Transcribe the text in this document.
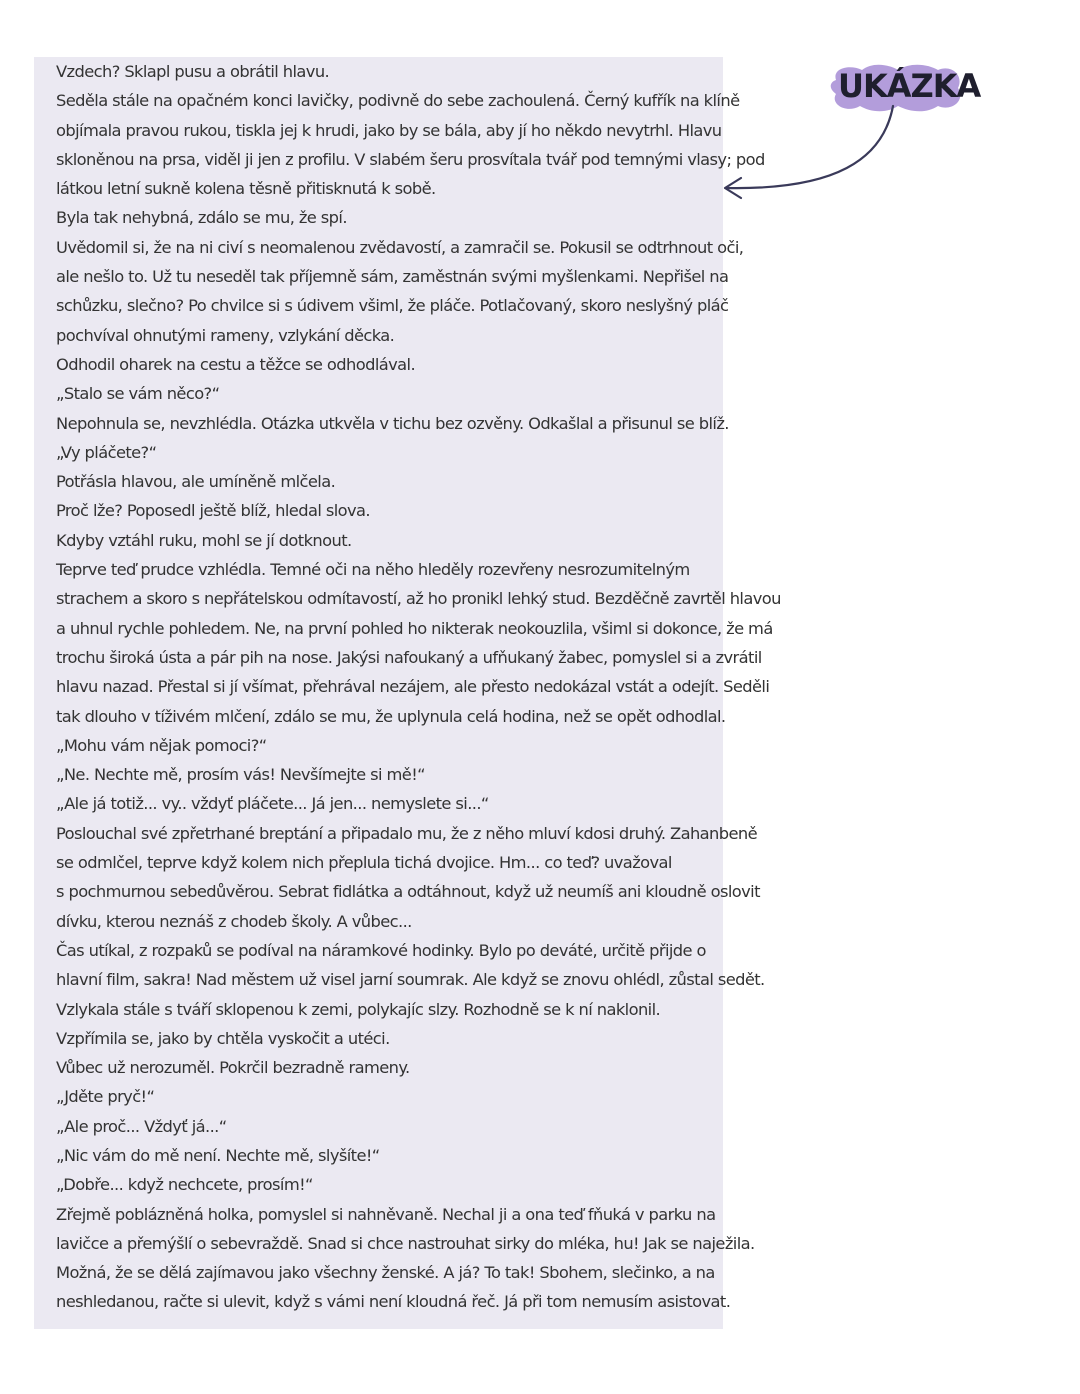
Vzdech? Sklapl pusu a obrátil hlavu.
Seděla stále na opačném konci lavičky, podivně do sebe zachoulená. Černý kufřík na klíně
objímala pravou rukou, tiskla jej k hrudi, jako by se bála, aby jí ho někdo nevytrhl. Hlavu
skloněnou na prsa, viděl ji jen z profilu. V slabém šeru prosvítala tvář pod temnými vlasy; pod
látkou letní sukně kolena těsně přitisknutá k sobě.
Byla tak nehybná, zdálo se mu, že spí.
Uvědomil si, že na ni civí s neomalenou zvědavostí, a zamračil se. Pokusil se odtrhnout oči,
ale nešlo to. Už tu neseděl tak příjemně sám, zaměstnán svými myšlenkami. Nepřišel na
schůzku, slečno? Po chvilce si s údivem všiml, že pláče. Potlačovaný, skoro neslyšný pláč
pochvíval ohnutými rameny, vzlykání děcka.
Odhodil oharek na cestu a těžce se odhodlával.
„Stalo se vám něco?“
Nepohnula se, nevzhlédla. Otázka utkvěla v tichu bez ozvěny. Odkašlal a přisunul se blíž.
„Vy pláčete?“
Potřásla hlavou, ale umíněně mlčela.
Proč lže? Poposedl ještě blíž, hledal slova.
Kdyby vztáhl ruku, mohl se jí dotknout.
Teprve teď prudce vzhlédla. Temné oči na něho hleděly rozevřeny nesrozumitelným
strachem a skoro s nepřátelskou odmítavostí, až ho pronikl lehký stud. Bezděčně zavrtěl hlavou
a uhnul rychle pohledem. Ne, na první pohled ho nikterak neokouzlila, všiml si dokonce, že má
trochu široká ústa a pár pih na nose. Jakýsi nafoukaný a ufňukaný žabec, pomyslel si a zvrátil
hlavu nazad. Přestal si jí všímat, přehrával nezájem, ale přesto nedokázal vstát a odejít. Seděli
tak dlouho v tíživém mlčení, zdálo se mu, že uplynula celá hodina, než se opět odhodlal.
„Mohu vám nějak pomoci?“
„Ne. Nechte mě, prosím vás! Nevšímejte si mě!“
„Ale já totiž... vy.. vždyť pláčete... Já jen... nemyslete si...“
Poslouchal své zpřetrhané breptání a připadalo mu, že z něho mluví kdosi druhý. Zahanbeně
se odmlčel, teprve když kolem nich přeplula tichá dvojice. Hm... co teď? uvažoval
s pochmurnou sebedůvěrou. Sebrat fidlátka a odtáhnout, když už neumíš ani kloudně oslovit
dívku, kterou neznáš z chodeb školy. A vůbec...
Čas utíkal, z rozpaků se podíval na náramkové hodinky. Bylo po deváté, určitě přijde o
hlavní film, sakra! Nad městem už visel jarní soumrak. Ale když se znovu ohlédl, zůstal sedět.
Vzlykala stále s tváří sklopenou k zemi, polykajíc slzy. Rozhodně se k ní naklonil.
Vzpřímila se, jako by chtěla vyskočit a utéci.
Vůbec už nerozuměl. Pokrčil bezradně rameny.
„Jděte pryč!“
„Ale proč... Vždyť já...“
„Nic vám do mě není. Nechte mě, slyšíte!“
„Dobře... když nechcete, prosím!“
Zřejmě poblázněná holka, pomyslel si nahněvaně. Nechal ji a ona teď fňuká v parku na
lavičce a přemýšlí o sebevraždě. Snad si chce nastrouhat sirky do mléka, hu! Jak se naježila.
Možná, že se dělá zajímavou jako všechny ženské. A já? To tak! Sbohem, slečinko, a na
neshledanou, račte si ulevit, když s vámi není kloudná řeč. Já při tom nemusím asistovat.
UKÁZKA
